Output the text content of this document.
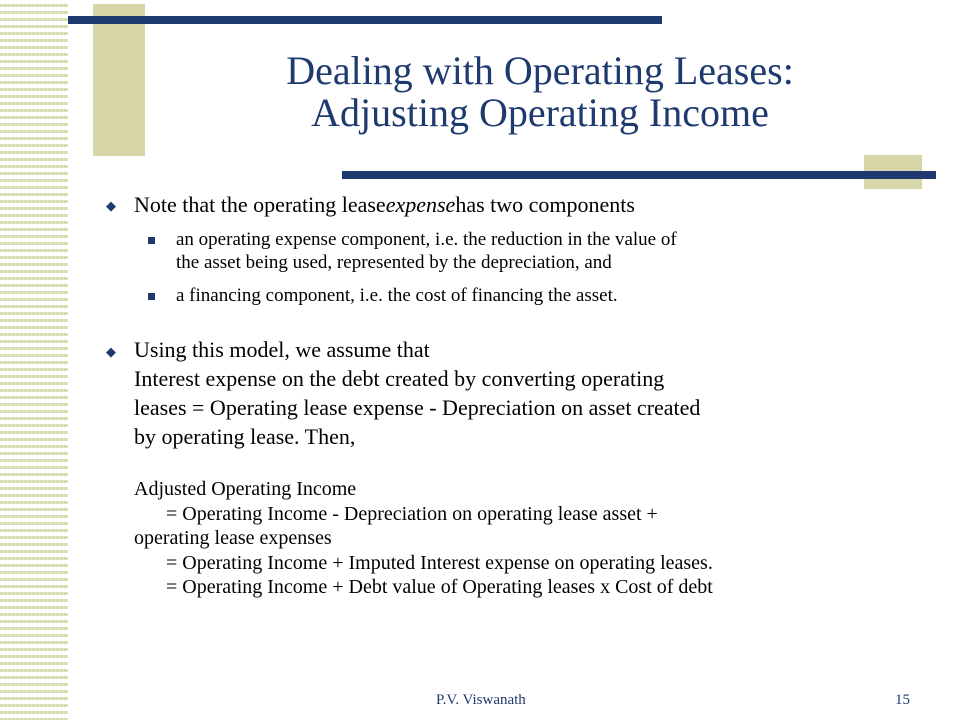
Dealing with Operating Leases:
Adjusting Operating Income
◆ Note that the operating leaseexpensehas two components
an operating expense component, i.e. the reduction in the value of
the asset being used, represented by the depreciation, and
a financing component, i.e. the cost of financing the asset.
◆ Using this model, we assume that
Interest expense on the debt created by converting operating
leases = Operating lease expense - Depreciation on asset created
by operating lease. Then,
Adjusted Operating Income
= Operating Income - Depreciation on operating lease asset +
operating lease expenses
= Operating Income + Imputed Interest expense on operating leases.
= Operating Income + Debt value of Operating leases x Cost of debt
P.V. Viswanath	15
